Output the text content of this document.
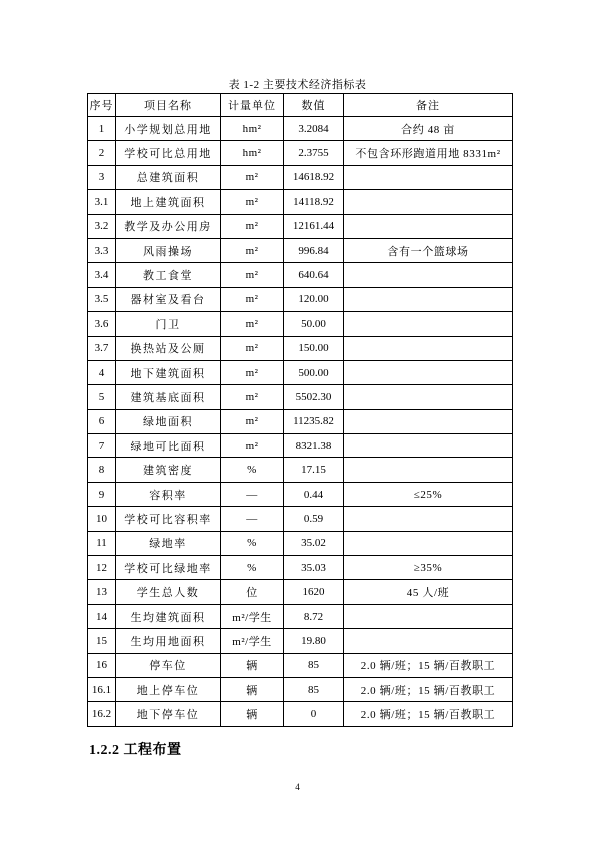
表 1-2 主要技术经济指标表
序号	项目名称	计量单位	数值	备注
1	小学规划总用地	hm²	3.2084	合约 48 亩
2	学校可比总用地	hm²	2.3755	不包含环形跑道用地 8331m²
3	总建筑面积	m²	14618.92	
3.1	地上建筑面积	m²	14118.92	
3.2	教学及办公用房	m²	12161.44	
3.3	风雨操场	m²	996.84	含有一个篮球场
3.4	教工食堂	m²	640.64	
3.5	器材室及看台	m²	120.00	
3.6	门卫	m²	50.00	
3.7	换热站及公厕	m²	150.00	
4	地下建筑面积	m²	500.00	
5	建筑基底面积	m²	5502.30	
6	绿地面积	m²	11235.82	
7	绿地可比面积	m²	8321.38	
8	建筑密度	%	17.15	
9	容积率	—	0.44	≤25%
10	学校可比容积率	—	0.59	
11	绿地率	%	35.02	
12	学校可比绿地率	%	35.03	≥35%
13	学生总人数	位	1620	45 人/班
14	生均建筑面积	m²/学生	8.72	
15	生均用地面积	m²/学生	19.80	
16	停车位	辆	85	2.0 辆/班；15 辆/百教职工
16.1	地上停车位	辆	85	2.0 辆/班；15 辆/百教职工
16.2	地下停车位	辆	0	2.0 辆/班；15 辆/百教职工
1.2.2 工程布置
4
